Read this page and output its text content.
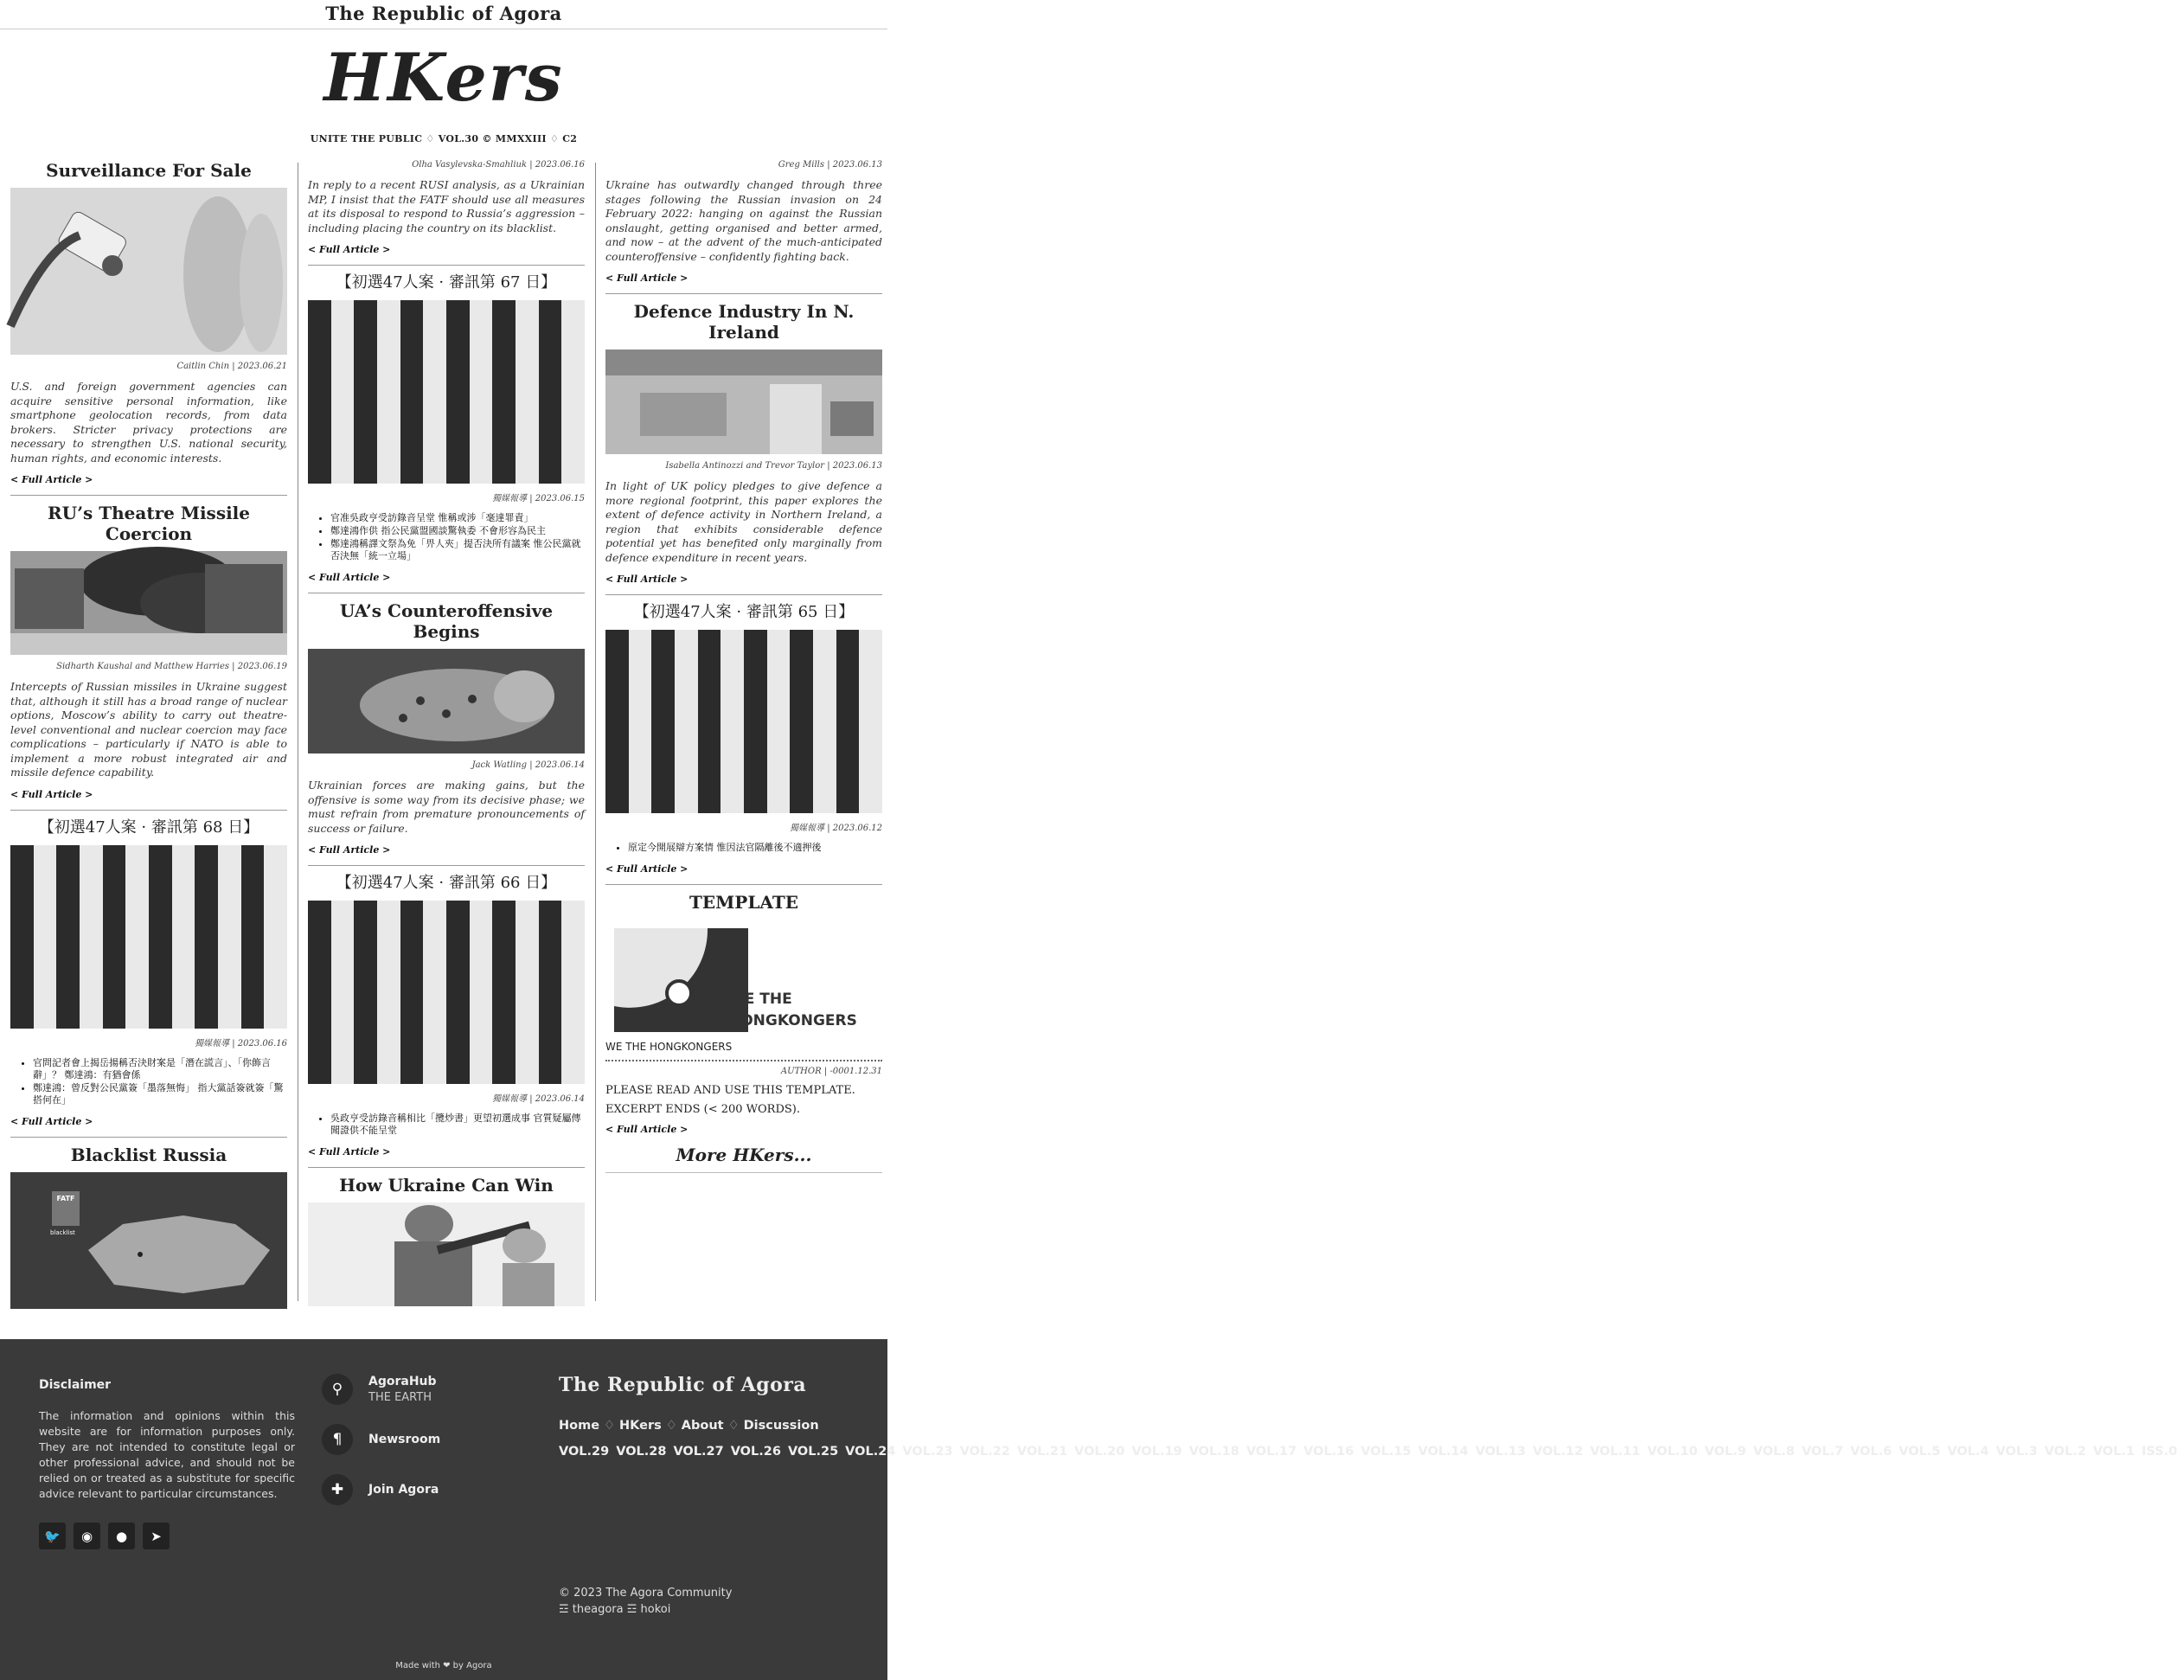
The Republic of Agora
HKers
UNITE THE PUBLIC ♢ VOL.30 © MMXXIII ♢ C2
Surveillance For Sale
Caitlin Chin | 2023.06.21
U.S. and foreign government agencies can acquire sensitive personal information, like smartphone geolocation records, from data brokers. Stricter privacy protections are necessary to strengthen U.S. national security, human rights, and economic interests.
< Full Article >
RU’s Theatre Missile Coercion
Sidharth Kaushal and Matthew Harries | 2023.06.19
Intercepts of Russian missiles in Ukraine suggest that, although it still has a broad range of nuclear options, Moscow’s ability to carry out theatre-level conventional and nuclear coercion may face complications – particularly if NATO is able to implement a more robust integrated air and missile defence capability.
< Full Article >
【初選47人案 · 審訊第 68 日】
獨媒報導 | 2023.06.16
• 官問記者會上揭岳揚稱否決財案是「潛在謊言」、「你飾言辭」？ 鄭達鴻：有猶會係
• 鄭達鴻：曾反對公民黨簽「墨落無悔」 指大黨話簽就簽「驚搭何在」
< Full Article >
Blacklist Russia
FATF
blacklist
Olha Vasylevska-Smahliuk | 2023.06.16
In reply to a recent RUSI analysis, as a Ukrainian MP, I insist that the FATF should use all measures at its disposal to respond to Russia’s aggression – including placing the country on its blacklist.
< Full Article >
【初選47人案 · 審訊第 67 日】
獨媒報導 | 2023.06.15
• 官准吳政亨受訪錄音呈堂 惟稱或涉「毫達罪責」
• 鄭達鴻作供 指公民黨盟國談驚執委 不會形容為民主
• 鄭達鴻稱譯文祭為免「畀人夾」提否決所有議案 惟公民黨就否決無「統一立場」
< Full Article >
UA’s Counteroffensive Begins
Jack Watling | 2023.06.14
Ukrainian forces are making gains, but the offensive is some way from its decisive phase; we must refrain from premature pronouncements of success or failure.
< Full Article >
【初選47人案 · 審訊第 66 日】
獨媒報導 | 2023.06.14
• 吳政亨受訪錄音稱相比「攬炒書」更望初選成事 官質疑屬傳聞證供不能呈堂
< Full Article >
How Ukraine Can Win
Greg Mills | 2023.06.13
Ukraine has outwardly changed through three stages following the Russian invasion on 24 February 2022: hanging on against the Russian onslaught, getting organised and better armed, and now – at the advent of the much-anticipated counteroffensive – confidently fighting back.
< Full Article >
Defence Industry In N. Ireland
Isabella Antinozzi and Trevor Taylor | 2023.06.13
In light of UK policy pledges to give defence a more regional footprint, this paper explores the extent of defence activity in Northern Ireland, a region that exhibits considerable defence potential yet has benefited only marginally from defence expenditure in recent years.
< Full Article >
【初選47人案 · 審訊第 65 日】
獨媒報導 | 2023.06.12
• 原定今開展辯方案情 惟因法官隔離後不適押後
< Full Article >
TEMPLATE
WE THE HONGKONGERS
WE THE HONGKONGERS
AUTHOR | -0001.12.31
PLEASE READ AND USE THIS TEMPLATE.
EXCERPT ENDS (< 200 WORDS).
< Full Article >
More HKers...
Disclaimer
The information and opinions within this website are for information purposes only. They are not intended to constitute legal or other professional advice, and should not be relied on or treated as a substitute for specific advice relevant to particular circumstances.
🐦	◉	●	➤
⚲	AgoraHub
THE EARTH
¶	Newsroom
✚	Join Agora
The Republic of Agora
Home ♢ HKers ♢ About ♢ Discussion
VOL.29 VOL.28 VOL.27 VOL.26 VOL.25 VOL.24 VOL.23 VOL.22 VOL.21 VOL.20 VOL.19 VOL.18 VOL.17 VOL.16 VOL.15 VOL.14 VOL.13 VOL.12 VOL.11 VOL.10 VOL.9 VOL.8 VOL.7 VOL.6 VOL.5 VOL.4 VOL.3 VOL.2 VOL.1 ISS.0
© 2023 The Agora Community
☲ theagora ☲ hokoi
Made with ❤ by Agora
